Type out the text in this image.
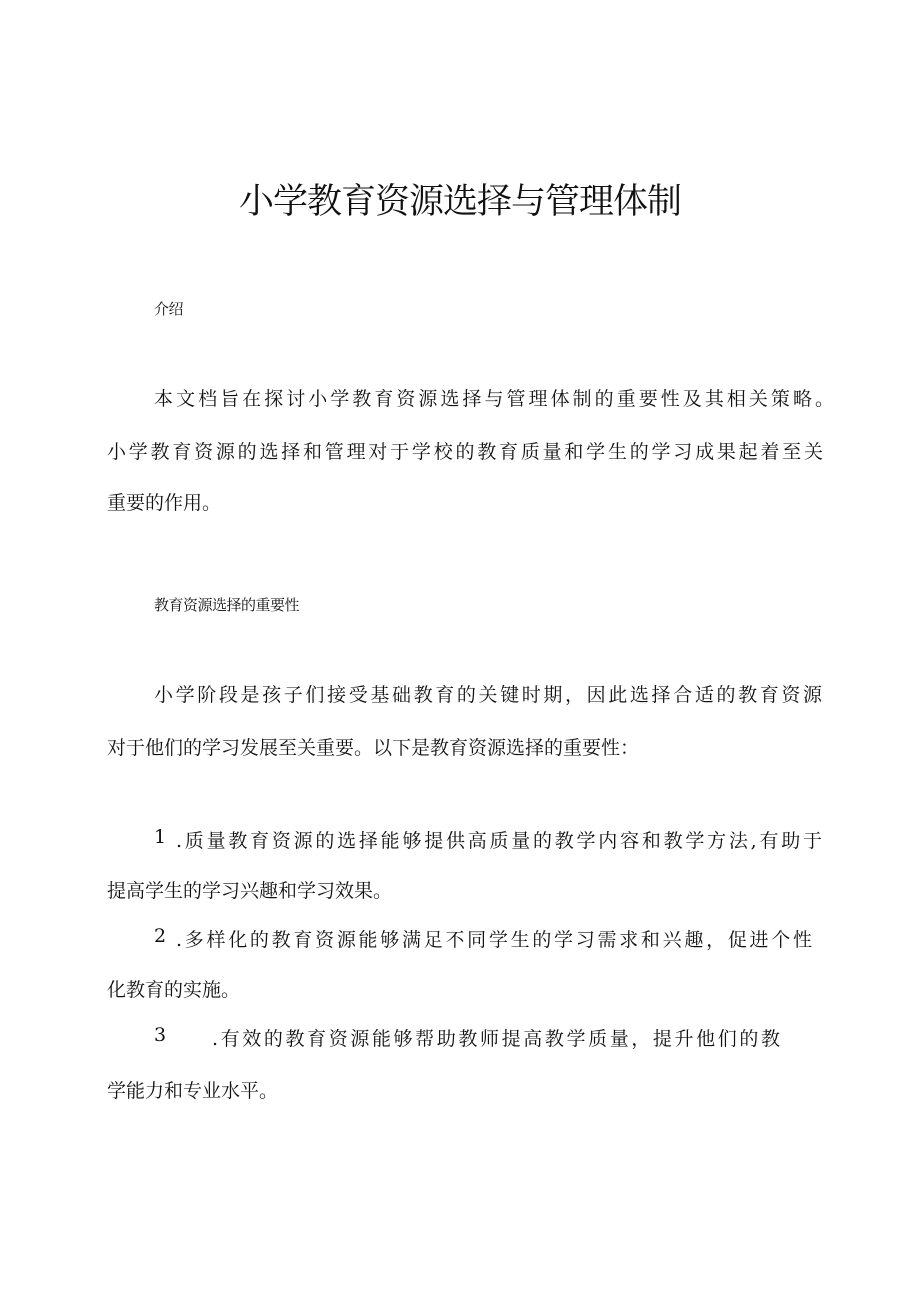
小学教育资源选择与管理体制
介绍
本文档旨在探讨小学教育资源选择与管理体制的重要性及其相关策略。
小学教育资源的选择和管理对于学校的教育质量和学生的学习成果起着至关
重要的作用。
教育资源选择的重要性
小学阶段是孩子们接受基础教育的关键时期，因此选择合适的教育资源
对于他们的学习发展至关重要。以下是教育资源选择的重要性：
1 .质量教育资源的选择能够提供高质量的教学内容和教学方法,有助于
提高学生的学习兴趣和学习效果。
2 .多样化的教育资源能够满足不同学生的学习需求和兴趣，促进个性
化教育的实施。
3 .有效的教育资源能够帮助教师提高教学质量，提升他们的教
学能力和专业水平。
